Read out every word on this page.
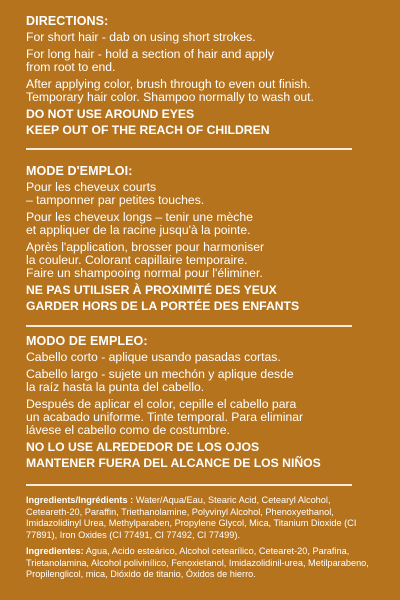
DIRECTIONS:

For short hair - dab on using short strokes.

For long hair - hold a section of hair and apply
from root to end.

After applying color, brush through to even out finish.
Temporary hair color. Shampoo normally to wash out.

DO NOT USE AROUND EYES

KEEP OUT OF THE REACH OF CHILDREN

MODE D'EMPLOI:

Pour les cheveux courts
– tamponner par petites touches.

Pour les cheveux longs – tenir une mèche
et appliquer de la racine jusqu'à la pointe.

Après l'application, brosser pour harmoniser
la couleur. Colorant capillaire temporaire.
Faire un shampooing normal pour l'éliminer.

NE PAS UTILISER À PROXIMITÉ DES YEUX

GARDER HORS DE LA PORTÉE DES ENFANTS

MODO DE EMPLEO:

Cabello corto - aplique usando pasadas cortas.

Cabello largo - sujete un mechón y aplique desde
la raíz hasta la punta del cabello.

Después de aplicar el color, cepille el cabello para
un acabado uniforme. Tinte temporal. Para eliminar
lávese el cabello como de costumbre.

NO LO USE ALREDEDOR DE LOS OJOS

MANTENER FUERA DEL ALCANCE DE LOS NIÑOS

Ingredients/Ingrédients : Water/Aqua/Eau, Stearic Acid, Cetearyl Alcohol, Ceteareth-20, Paraffin, Triethanolamine, Polyvinyl Alcohol, Phenoxyethanol, Imidazolidinyl Urea, Methylparaben, Propylene Glycol, Mica, Titanium Dioxide (CI 77891), Iron Oxides (CI 77491, CI 77492, CI 77499).

Ingredientes: Agua, Acido esteárico, Alcohol cetearílico, Cetearet-20, Parafina, Trietanolamina, Alcohol polivinílico, Fenoxietanol, Imidazolidinil-urea, Metilparabeno, Propilenglicol, mica, Dióxido de titanio, Óxidos de hierro.
